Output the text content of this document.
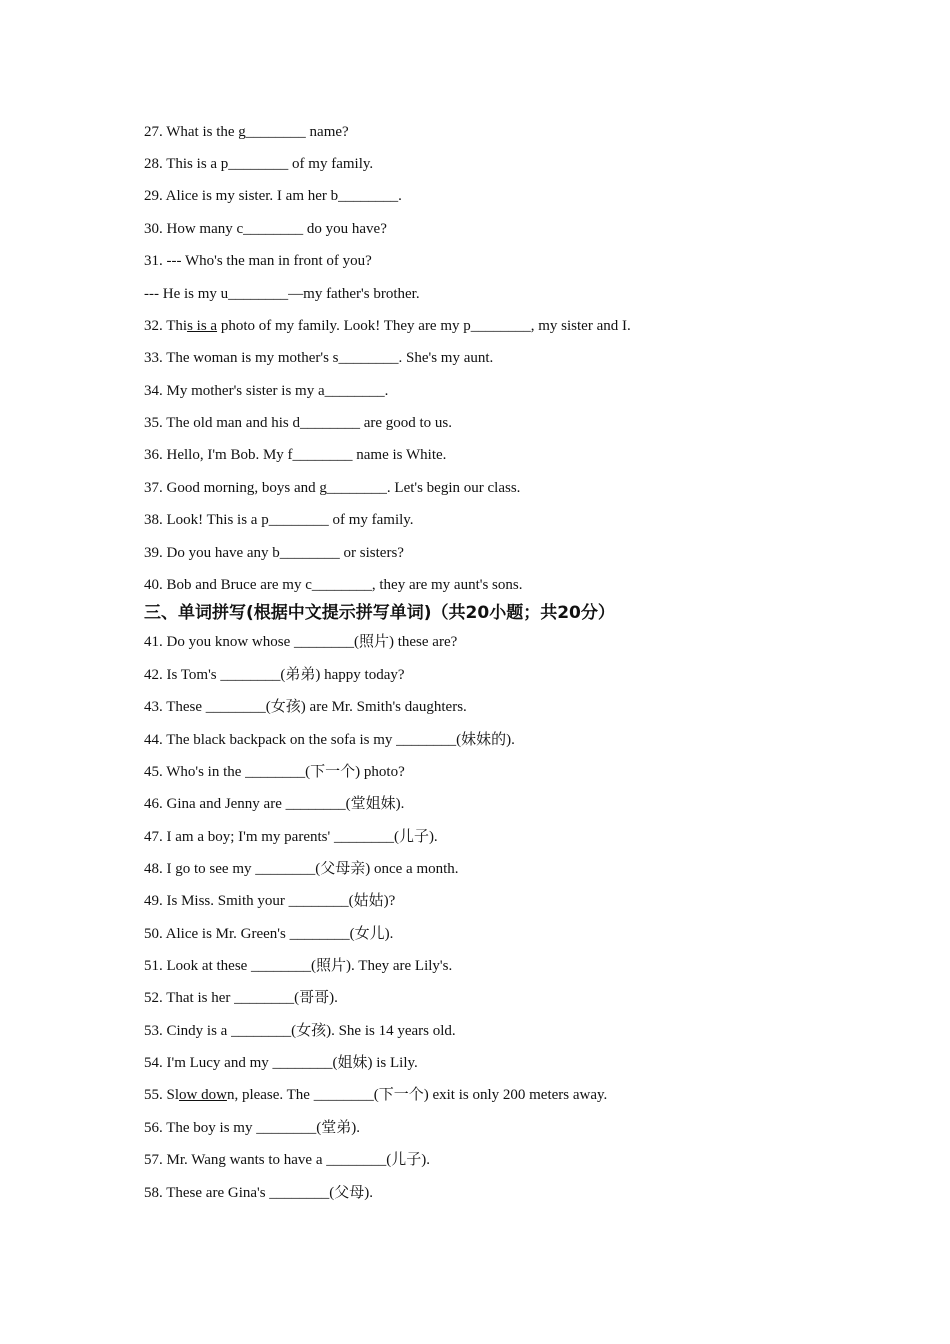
27. What is the g________ name?
28. This is a p________ of my family.
29. Alice is my sister. I am her b________.
30. How many c________ do you have?
31. --- Who's the man in front of you?
--- He is my u________—my father's brother.
32. This is a photo of my family. Look! They are my p________, my sister and I.
33. The woman is my mother's s________. She's my aunt.
34. My mother's sister is my a________.
35. The old man and his d________ are good to us.
36. Hello, I'm Bob. My f________ name is White.
37. Good morning, boys and g________. Let's begin our class.
38. Look! This is a p________ of my family.
39. Do you have any b________ or sisters?
40. Bob and Bruce are my c________, they are my aunt's sons.
三、单词拼写(根据中文提示拼写单词)（共20小题；共20分）
41. Do you know whose ________(照片) these are?
42. Is Tom's ________(弟弟) happy today?
43. These ________(女孩) are Mr. Smith's daughters.
44. The black backpack on the sofa is my ________(妹妹的).
45. Who's in the ________(下一个) photo?
46. Gina and Jenny are ________(堂姐妹).
47. I am a boy; I'm my parents' ________(儿子).
48. I go to see my ________(父母亲) once a month.
49. Is Miss. Smith your ________(姑姑)?
50. Alice is Mr. Green's ________(女儿).
51. Look at these ________(照片). They are Lily's.
52. That is her ________(哥哥).
53. Cindy is a ________(女孩). She is 14 years old.
54. I'm Lucy and my ________(姐妹) is Lily.
55. Slow down, please. The ________(下一个) exit is only 200 meters away.
56. The boy is my ________(堂弟).
57. Mr. Wang wants to have a ________(儿子).
58. These are Gina's ________(父母).
